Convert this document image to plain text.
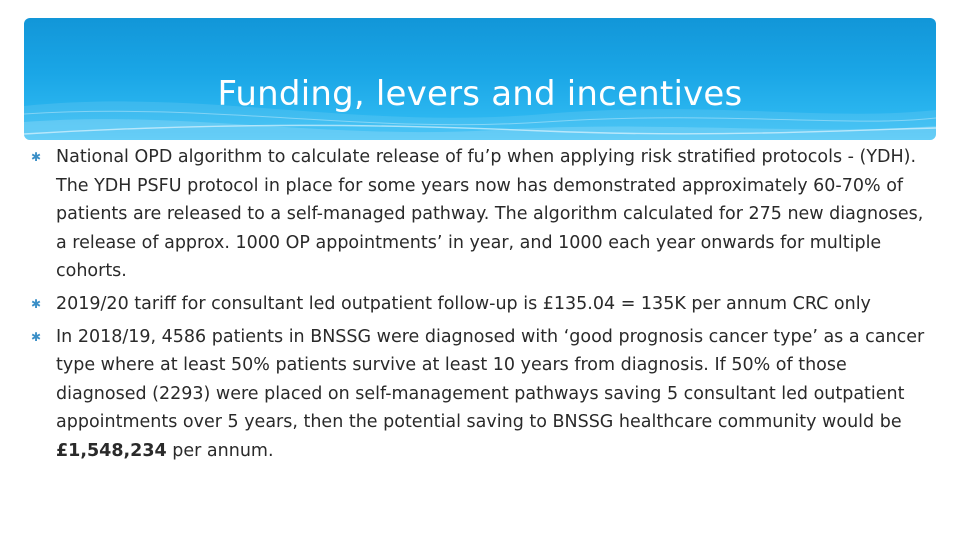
Funding, levers and incentives
✱ National OPD algorithm to calculate release of fu’p when applying risk stratified protocols - (YDH). The YDH PSFU protocol in place for some years now has demonstrated approximately 60-70% of patients are released to a self-managed pathway. The algorithm calculated for 275 new diagnoses, a release of approx. 1000 OP appointments’ in year, and 1000 each year onwards for multiple cohorts.
✱ 2019/20 tariff for consultant led outpatient follow-up is £135.04 = 135K per annum CRC only
✱ In 2018/19, 4586 patients in BNSSG were diagnosed with ‘good prognosis cancer type’ as a cancer type where at least 50% patients survive at least 10 years from diagnosis. If 50% of those diagnosed (2293) were placed on self-management pathways saving 5 consultant led outpatient appointments over 5 years, then the potential saving to BNSSG healthcare community would be £1,548,234 per annum.
